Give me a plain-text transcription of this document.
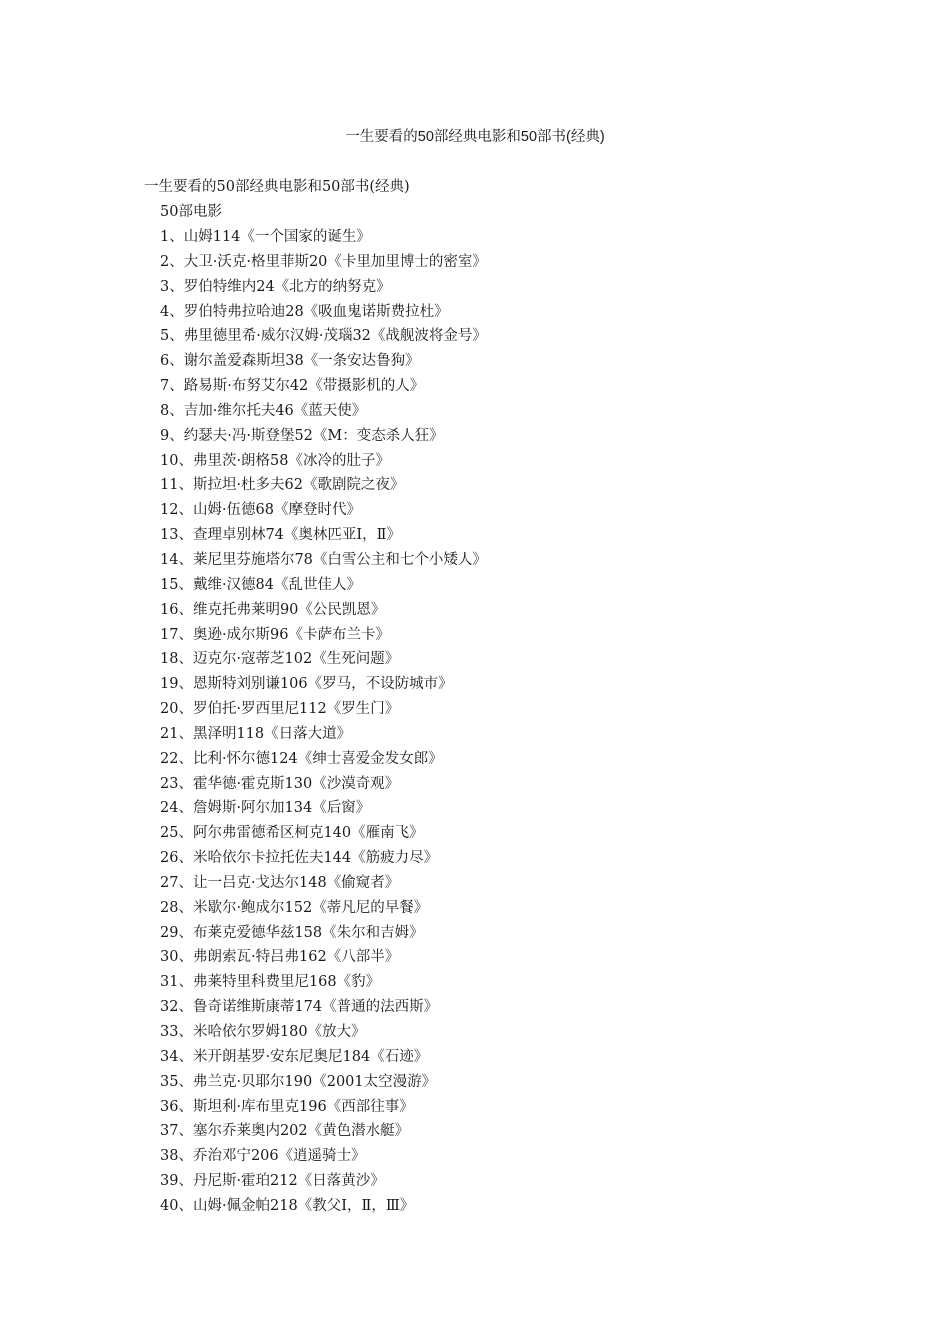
一生要看的50部经典电影和50部书(经典)
一生要看的50部经典电影和50部书(经典)
50部电影
1、山姆114《一个国家的诞生》
2、大卫·沃克·格里菲斯20《卡里加里博士的密室》
3、罗伯特维内24《北方的纳努克》
4、罗伯特弗拉哈迪28《吸血鬼诺斯费拉杜》
5、弗里德里希·威尔汉姆·茂瑙32《战舰波将金号》
6、谢尔盖爱森斯坦38《一条安达鲁狗》
7、路易斯·布努艾尔42《带摄影机的人》
8、吉加·维尔托夫46《蓝天使》
9、约瑟夫·冯·斯登堡52《M：变态杀人狂》
10、弗里茨·朗格58《冰冷的肚子》
11、斯拉坦·杜多夫62《歌剧院之夜》
12、山姆·伍德68《摩登时代》
13、查理卓别林74《奥林匹亚Ⅰ，Ⅱ》
14、莱尼里芬施塔尔78《白雪公主和七个小矮人》
15、戴维·汉德84《乱世佳人》
16、维克托弗莱明90《公民凯恩》
17、奥逊·成尔斯96《卡萨布兰卡》
18、迈克尔·寇蒂芝102《生死问题》
19、恩斯特刘别谦106《罗马，不设防城市》
20、罗伯托·罗西里尼112《罗生门》
21、黑泽明118《日落大道》
22、比利·怀尔德124《绅士喜爱金发女郎》
23、霍华德·霍克斯130《沙漠奇观》
24、詹姆斯·阿尔加134《后窗》
25、阿尔弗雷德希区柯克140《雁南飞》
26、米哈依尔卡拉托佐夫144《筋疲力尽》
27、让一吕克·戈达尔148《偷窥者》
28、米歇尔·鲍成尔152《蒂凡尼的早餐》
29、布莱克爱德华兹158《朱尔和吉姆》
30、弗朗索瓦·特吕弗162《八部半》
31、弗莱特里科费里尼168《豹》
32、鲁奇诺维斯康蒂174《普通的法西斯》
33、米哈依尔罗姆180《放大》
34、米开朗基罗·安东尼奥尼184《石迹》
35、弗兰克·贝耶尔190《2001太空漫游》
36、斯坦利·库布里克196《西部往事》
37、塞尔乔莱奥内202《黄色潜水艇》
38、乔治邓宁206《逍遥骑士》
39、丹尼斯·霍珀212《日落黄沙》
40、山姆·佩金帕218《教父Ⅰ，Ⅱ，Ⅲ》
